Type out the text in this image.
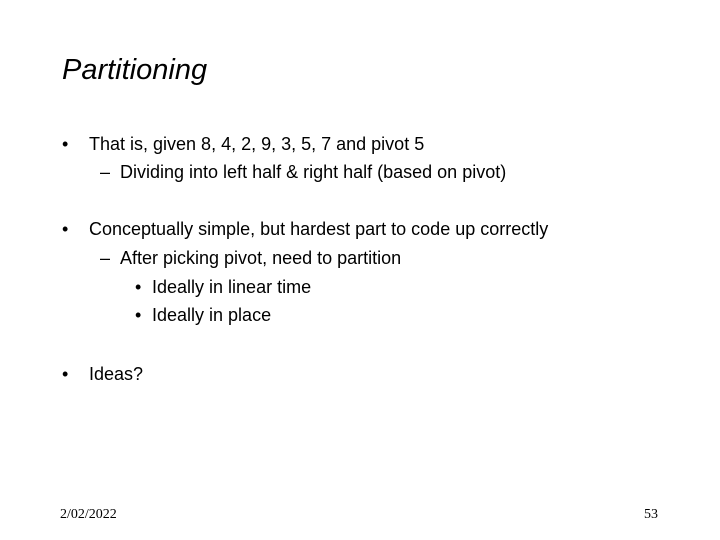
Partitioning
• That is, given 8, 4, 2, 9, 3, 5, 7 and pivot 5
– Dividing into left half & right half (based on pivot)
• Conceptually simple, but hardest part to code up correctly
– After picking pivot, need to partition
• Ideally in linear time
• Ideally in place
• Ideas?
2/02/2022	53
